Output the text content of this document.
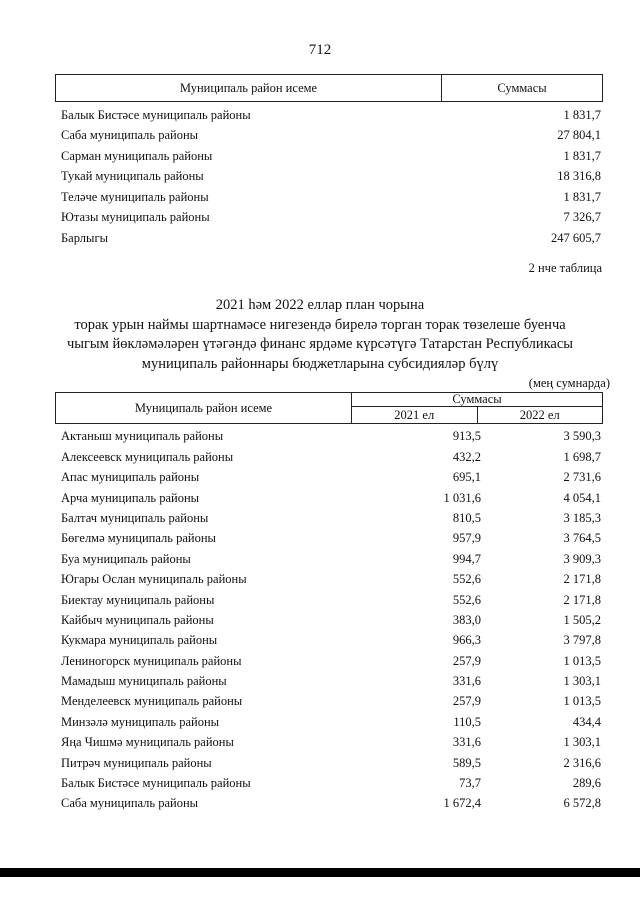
712
Муниципаль район исеме	Суммасы
Балык Бистәсе муниципаль районы	1 831,7
Саба муниципаль районы	27 804,1
Сарман муниципаль районы	1 831,7
Тукай муниципаль районы	18 316,8
Теләче муниципаль районы	1 831,7
Ютазы муниципаль районы	7 326,7
Барлыгы	247 605,7
2 нче таблица
2021 һәм 2022 еллар план чорына
торак урын наймы шартнамәсе нигезендә бирелә торган торак төзелеше буенча
чыгым йөкләмәләрен үтәгәндә финанс ярдәме күрсәтүгә Татарстан Республикасы
муниципаль районнары бюджетларына субсидияләр бүлү
(мең сумнарда)
Муниципаль район исеме
Суммасы
2021 ел	2022 ел
Актаныш муниципаль районы	913,5	3 590,3
Алексеевск муниципаль районы	432,2	1 698,7
Апас муниципаль районы	695,1	2 731,6
Арча муниципаль районы	1 031,6	4 054,1
Балтач муниципаль районы	810,5	3 185,3
Бөгелмә муниципаль районы	957,9	3 764,5
Буа муниципаль районы	994,7	3 909,3
Югары Ослан муниципаль районы	552,6	2 171,8
Биектау муниципаль районы	552,6	2 171,8
Кайбыч муниципаль районы	383,0	1 505,2
Кукмара муниципаль районы	966,3	3 797,8
Лениногорск муниципаль районы	257,9	1 013,5
Мамадыш муниципаль районы	331,6	1 303,1
Менделеевск муниципаль районы	257,9	1 013,5
Минзәлә муниципаль районы	110,5	434,4
Яңа Чишмә муниципаль районы	331,6	1 303,1
Питрәч муниципаль районы	589,5	2 316,6
Балык Бистәсе муниципаль районы	73,7	289,6
Саба муниципаль районы	1 672,4	6 572,8
